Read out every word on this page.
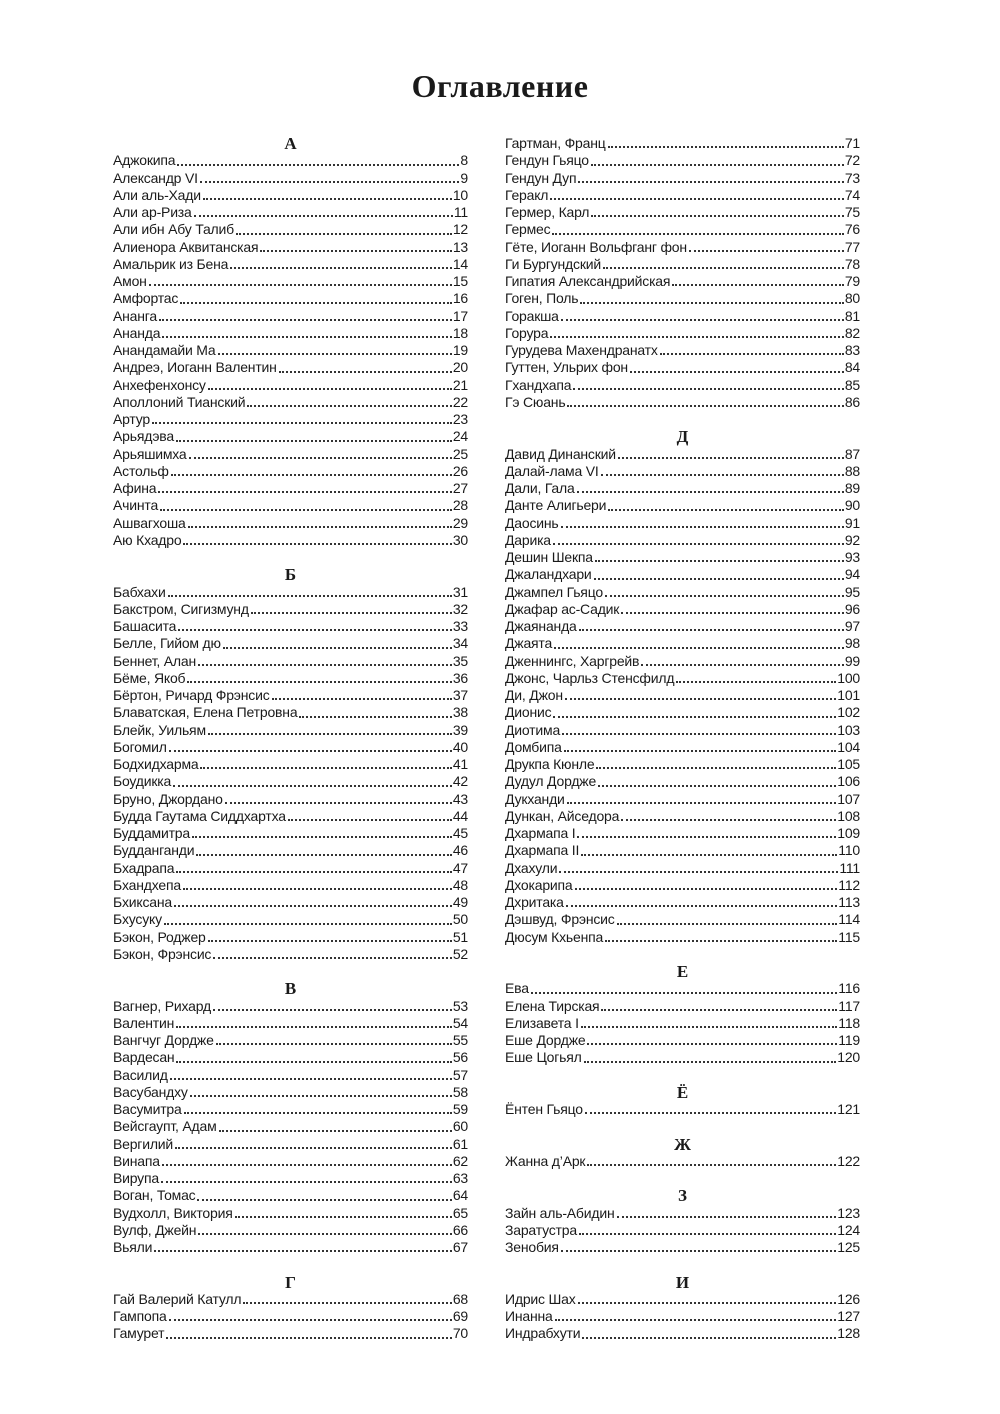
Оглавление
А
Аджокипа	8
Александр VI	9
Али аль-Хади	10
Али ар-Риза	11
Али ибн Абу Талиб	12
Алиенора Аквитанская	13
Амальрик из Бена	14
Амон	15
Амфортас	16
Ананга	17
Ананда	18
Анандамайи Ма	19
Андреэ, Иоганн Валентин	20
Анхефенхонсу	21
Аполлоний Тианский	22
Артур	23
Арьядэва	24
Арьяшимха	25
Астольф	26
Афина	27
Ачинта	28
Ашвагхоша	29
Аю Кхадро	30
Б
Бабхахи	31
Бакстром, Сигизмунд	32
Башасита	33
Белле, Гийом дю	34
Беннет, Алан	35
Бёме, Якоб	36
Бёртон, Ричард Фрэнсис	37
Блаватская, Елена Петровна	38
Блейк, Уильям	39
Богомил	40
Бодхидхарма	41
Боудикка	42
Бруно, Джордано	43
Будда Гаутама Сиддхартха	44
Буддамитра	45
Будданганди	46
Бхадрапа	47
Бхандхепа	48
Бхиксана	49
Бхусуку	50
Бэкон, Роджер	51
Бэкон, Фрэнсис	52
В
Вагнер, Рихард	53
Валентин	54
Вангчуг Дордже	55
Вардесан	56
Василид	57
Васубандху	58
Васумитра	59
Вейсгаупт, Адам	60
Вергилий	61
Винапа	62
Вирупа	63
Воган, Томас	64
Вудхолл, Виктория	65
Вулф, Джейн	66
Вьяли	67
Г
Гай Валерий Катулл	68
Гампопа	69
Гамурет	70
Гартман, Франц	71
Гендун Гьяцо	72
Гендун Дуп	73
Геракл	74
Гермер, Карл	75
Гермес	76
Гёте, Иоганн Вольфганг фон	77
Ги Бургундский	78
Гипатия Александрийская	79
Гоген, Поль	80
Горакша	81
Горура	82
Гурудева Махендранатх	83
Гуттен, Ульрих фон	84
Гхандхапа	85
Гэ Сюань	86
Д
Давид Динанский	87
Далай-лама VI	88
Дали, Гала	89
Данте Алигьери	90
Даосинь	91
Дарика	92
Дешин Шекпа	93
Джаландхари	94
Джампел Гьяцо	95
Джафар ас-Садик	96
Джаянанда	97
Джаята	98
Дженнингс, Харгрейв	99
Джонс, Чарльз Стенсфилд	100
Ди, Джон	101
Дионис	102
Диотима	103
Домбипа	104
Друкпа Кюнле	105
Дудул Дордже	106
Дукханди	107
Дункан, Айседора	108
Дхармапа I	109
Дхармапа II	110
Дхахули	111
Дхокарипа	112
Дхритака	113
Дэшвуд, Фрэнсис	114
Дюсум Кхьенпа	115
Е
Ева	116
Елена Тирская	117
Елизавета I	118
Еше Дордже	119
Еше Цогьял	120
Ё
Ёнтен Гьяцо	121
Ж
Жанна д’Арк	122
З
Зайн аль-Абидин	123
Заратустра	124
Зенобия	125
И
Идрис Шах	126
Инанна	127
Индрабхути	128
